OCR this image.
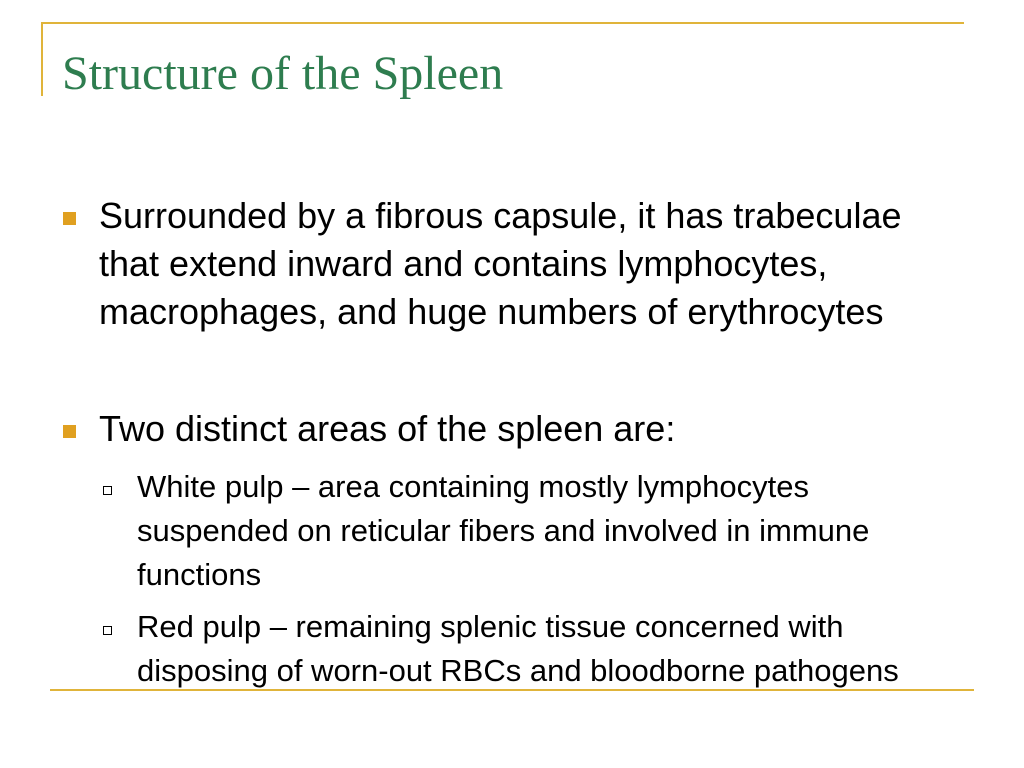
Structure of the Spleen
Surrounded by a fibrous capsule, it has trabeculae that extend inward and contains lymphocytes, macrophages, and huge numbers of erythrocytes
Two distinct areas of the spleen are:
White pulp – area containing mostly lymphocytes suspended on reticular fibers and involved in immune functions
Red pulp – remaining splenic tissue concerned with disposing of worn-out RBCs and bloodborne pathogens
